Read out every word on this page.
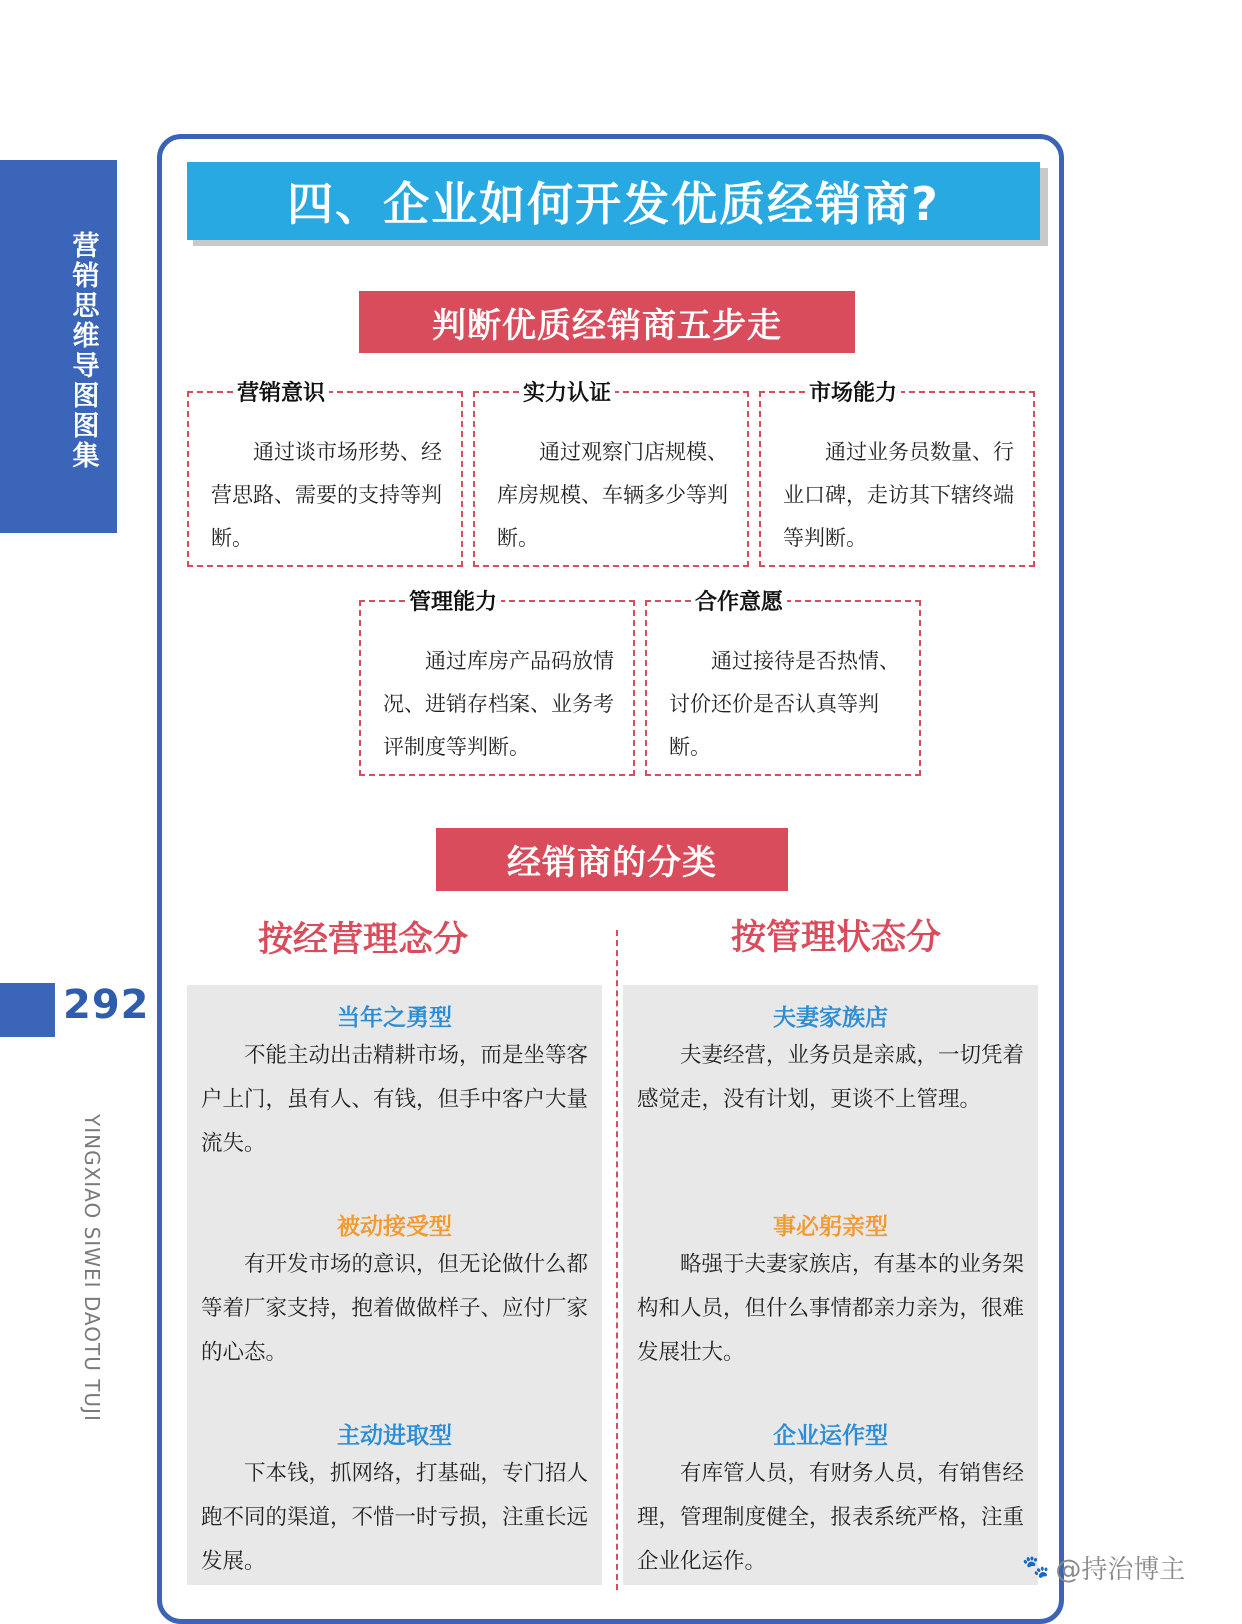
营销思维导图图集
292
YINGXIAO SIWEI DAOTU TUJI
四、企业如何开发优质经销商?
判断优质经销商五步走
营销意识
通过谈市场形势、经营思路、需要的支持等判断。
实力认证
通过观察门店规模、库房规模、车辆多少等判断。
市场能力
通过业务员数量、行业口碑，走访其下辖终端等判断。
管理能力
通过库房产品码放情况、进销存档案、业务考评制度等判断。
合作意愿
通过接待是否热情、讨价还价是否认真等判断。
经销商的分类
按经营理念分	按管理状态分
当年之勇型
不能主动出击精耕市场，而是坐等客户上门，虽有人、有钱，但手中客户大量流失。
被动接受型
有开发市场的意识，但无论做什么都等着厂家支持，抱着做做样子、应付厂家的心态。
主动进取型
下本钱，抓网络，打基础，专门招人跑不同的渠道，不惜一时亏损，注重长远发展。
夫妻家族店
夫妻经营，业务员是亲戚，一切凭着感觉走，没有计划，更谈不上管理。
事必躬亲型
略强于夫妻家族店，有基本的业务架构和人员，但什么事情都亲力亲为，很难发展壮大。
企业运作型
有库管人员，有财务人员，有销售经理，管理制度健全，报表系统严格，注重企业化运作。	🐾 @持治博主
